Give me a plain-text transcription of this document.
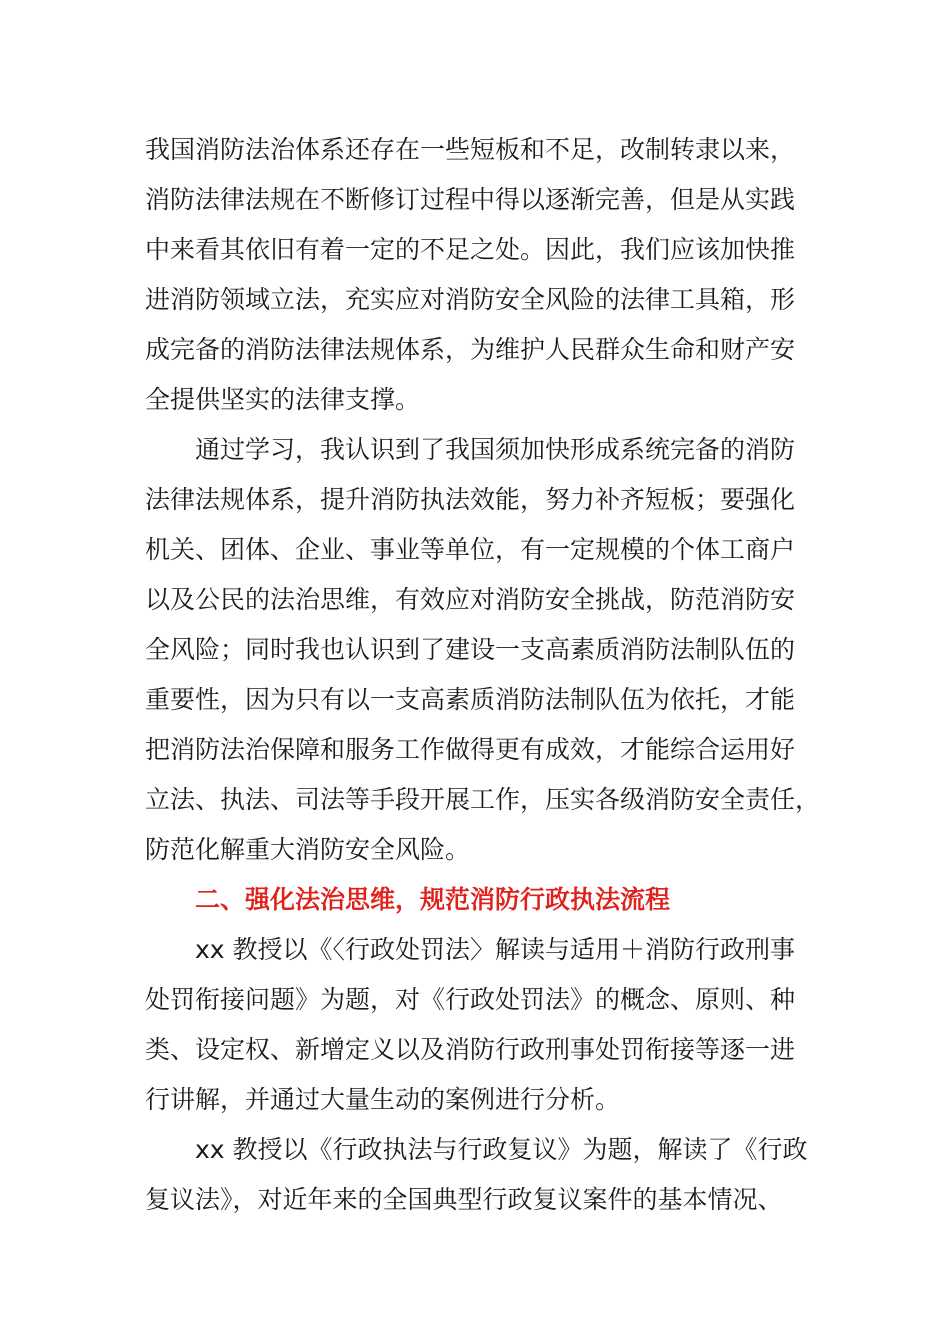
我国消防法治体系还存在一些短板和不足，改制转隶以来，
消防法律法规在不断修订过程中得以逐渐完善，但是从实践
中来看其依旧有着一定的不足之处。因此，我们应该加快推
进消防领域立法，充实应对消防安全风险的法律工具箱，形
成完备的消防法律法规体系，为维护人民群众生命和财产安
全提供坚实的法律支撑。
通过学习，我认识到了我国须加快形成系统完备的消防
法律法规体系，提升消防执法效能，努力补齐短板；要强化
机关、团体、企业、事业等单位，有一定规模的个体工商户
以及公民的法治思维，有效应对消防安全挑战，防范消防安
全风险；同时我也认识到了建设一支高素质消防法制队伍的
重要性，因为只有以一支高素质消防法制队伍为依托，才能
把消防法治保障和服务工作做得更有成效，才能综合运用好
立法、执法、司法等手段开展工作，压实各级消防安全责任，
防范化解重大消防安全风险。
二、强化法治思维，规范消防行政执法流程
xx 教授以《〈行政处罚法〉解读与适用＋消防行政刑事
处罚衔接问题》为题，对《行政处罚法》的概念、原则、种
类、设定权、新增定义以及消防行政刑事处罚衔接等逐一进
行讲解，并通过大量生动的案例进行分析。
xx 教授以《行政执法与行政复议》为题，解读了《行政
复议法》，对近年来的全国典型行政复议案件的基本情况、
